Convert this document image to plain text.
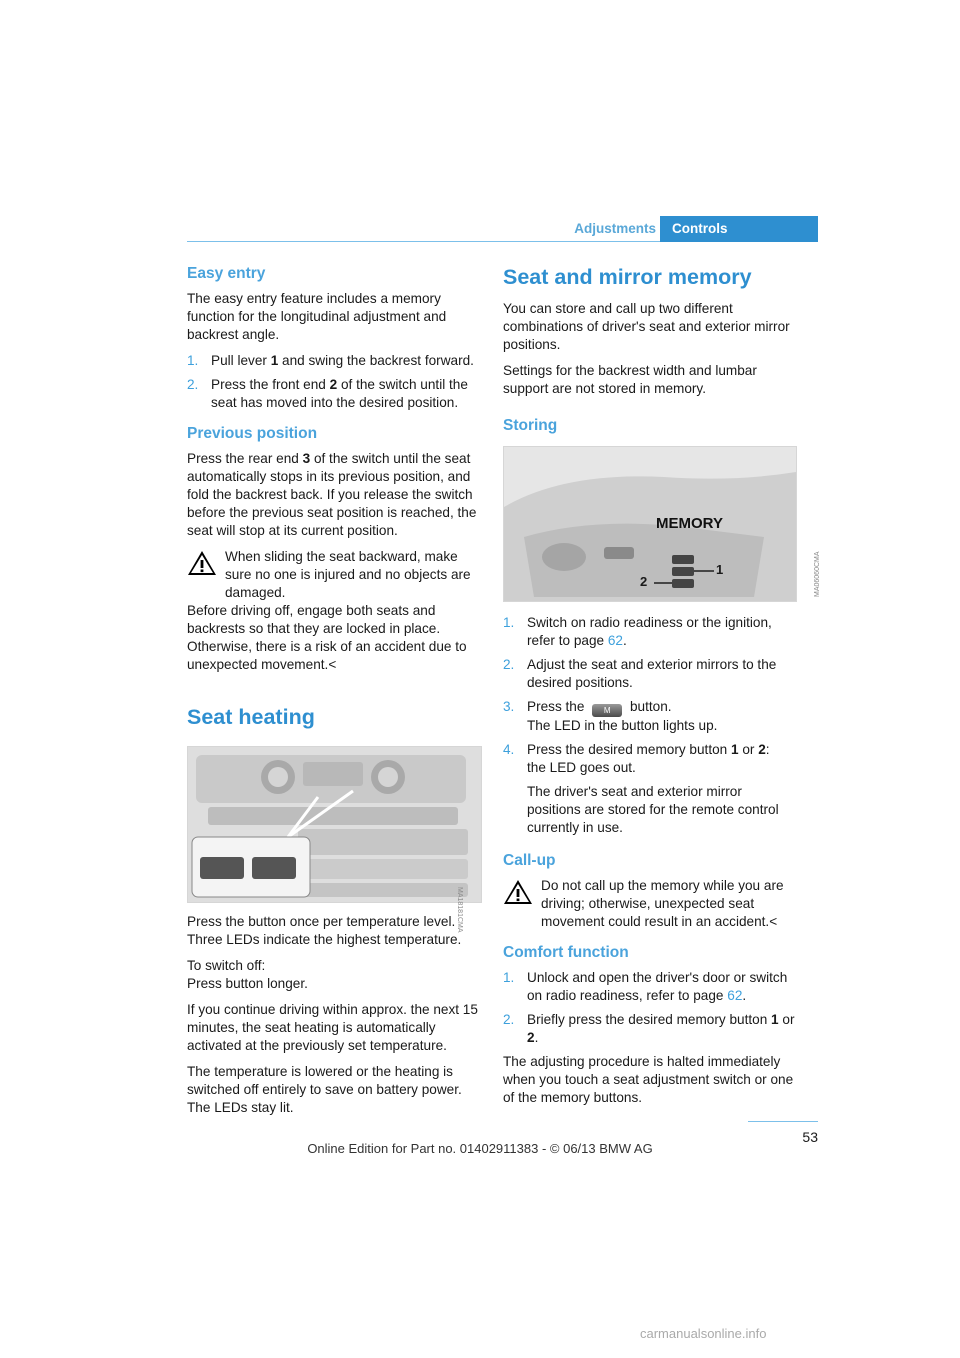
Adjustments	Controls
Easy entry

The easy entry feature includes a memory function for the longitudinal adjustment and backrest angle.

1. Pull lever 1 and swing the backrest forward.
2. Press the front end 2 of the switch until the seat has moved into the desired position.
Previous position

Press the rear end 3 of the switch until the seat automatically stops in its previous position, and fold the backrest back. If you release the switch before the previous seat position is reached, the seat will stop at its current position.

When sliding the seat backward, make sure no one is injured and no objects are damaged.

Before driving off, engage both seats and backrests so that they are locked in place. Otherwise, there is a risk of an accident due to unexpected movement.<

Seat heating
MA18181CMA

Press the button once per temperature level. Three LEDs indicate the highest temperature.

To switch off:
Press button longer.

If you continue driving within approx. the next 15 minutes, the seat heating is automatically activated at the previously set temperature.

The temperature is lowered or the heating is switched off entirely to save on battery power. The LEDs stay lit.

Seat and mirror memory

You can store and call up two different combinations of driver's seat and exterior mirror positions.

Settings for the backrest width and lumbar support are not stored in memory.

Storing
MA06060CMA
MEMORY
1
2
1. Switch on radio readiness or the ignition, refer to page 62.
2. Adjust the seat and exterior mirrors to the desired positions.
3. Press the M button.
The LED in the button lights up.
4. Press the desired memory button 1 or 2:
the LED goes out.
The driver's seat and exterior mirror positions are stored for the remote control currently in use.
Call-up
Do not call up the memory while you are driving; otherwise, unexpected seat movement could result in an accident.<
Comfort function
1. Unlock and open the driver's door or switch on radio readiness, refer to page 62.
2. Briefly press the desired memory button 1 or 2.

The adjusting procedure is halted immediately when you touch a seat adjustment switch or one of the memory buttons.

53
Online Edition for Part no. 01402911383 - © 06/13 BMW AG
carmanualsonline.info
